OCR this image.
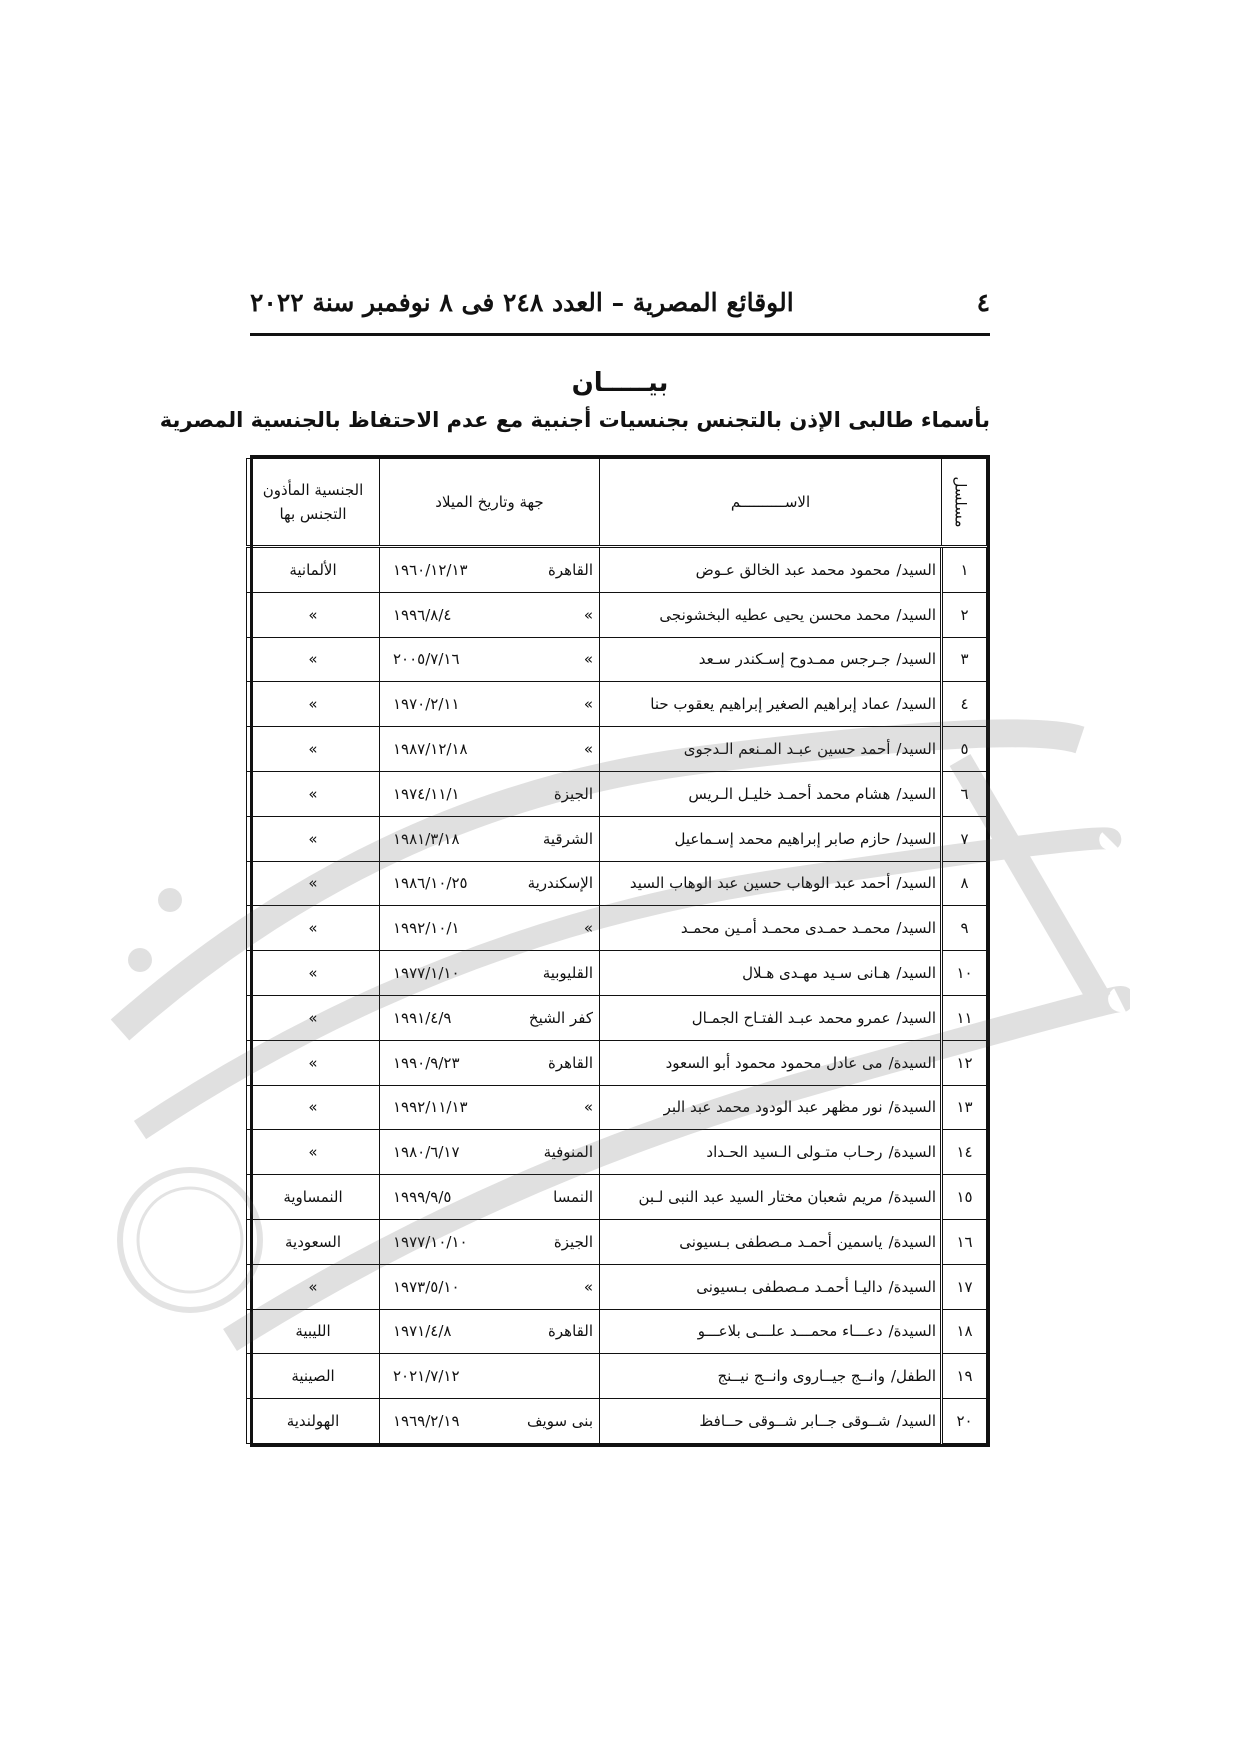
٤
الوقائع المصرية – العدد ٢٤٨ فى ٨ نوفمبر سنة ٢٠٢٢
بيـــــان
بأسماء طالبى الإذن بالتجنس بجنسيات أجنبية مع عدم الاحتفاظ بالجنسية المصرية
مسلسل	الاســــــــــم	جهة وتاريخ الميلاد	الجنسية المأذون التجنس بها
١	السيد/محمود محمد عبد الخالق عـوض	القاهرة١٩٦٠/١٢/١٣	الألمانية
٢	السيد/محمد محسن يحيى عطيه البخشونجى	»١٩٩٦/٨/٤	»
٣	السيد/جـرجس ممـدوح إسـكندر سـعد	»٢٠٠٥/٧/١٦	»
٤	السيد/عماد إبراهيم الصغير إبراهيم يعقوب حنا	»١٩٧٠/٢/١١	»
٥	السيد/أحمد حسين عبـد المـنعم الـدجوى	»١٩٨٧/١٢/١٨	»
٦	السيد/هشام محمد أحمـد خليـل الـريس	الجيزة١٩٧٤/١١/١	»
٧	السيد/حازم صابر إبراهيم محمد إسـماعيل	الشرقية١٩٨١/٣/١٨	»
٨	السيد/أحمد عبد الوهاب حسين عبد الوهاب السيد	الإسكندرية١٩٨٦/١٠/٢٥	»
٩	السيد/محمـد حمـدى محمـد أمـين محمـد	»١٩٩٢/١٠/١	»
١٠	السيد/هـانى سـيد مهـدى هـلال	القليوبية١٩٧٧/١/١٠	»
١١	السيد/عمرو محمد عبـد الفتـاح الجمـال	كفر الشيخ١٩٩١/٤/٩	»
١٢	السيدة/مى عادل محمود محمود أبو السعود	القاهرة١٩٩٠/٩/٢٣	»
١٣	السيدة/نور مظهر عبد الودود محمد عبد البر	»١٩٩٢/١١/١٣	»
١٤	السيدة/رحـاب متـولى الـسيد الحـداد	المنوفية١٩٨٠/٦/١٧	»
١٥	السيدة/مريم شعبان مختار السيد عبد النبى لـبن	النمسا١٩٩٩/٩/٥	النمساوية
١٦	السيدة/ياسمين أحمـد مـصطفى بـسيونى	الجيزة١٩٧٧/١٠/١٠	السعودية
١٧	السيدة/داليـا أحمـد مـصطفى بـسيونى	»١٩٧٣/٥/١٠	»
١٨	السيدة/دعـــاء محمـــد علـــى بلاعـــو	القاهرة١٩٧١/٤/٨	الليبية
١٩	الطفل/وانــج جيــاروى وانــج نيــنج	٢٠٢١/٧/١٢	الصينية
٢٠	السيد/شــوقى جــابر شــوقى حــافظ	بنى سويف١٩٦٩/٢/١٩	الهولندية
